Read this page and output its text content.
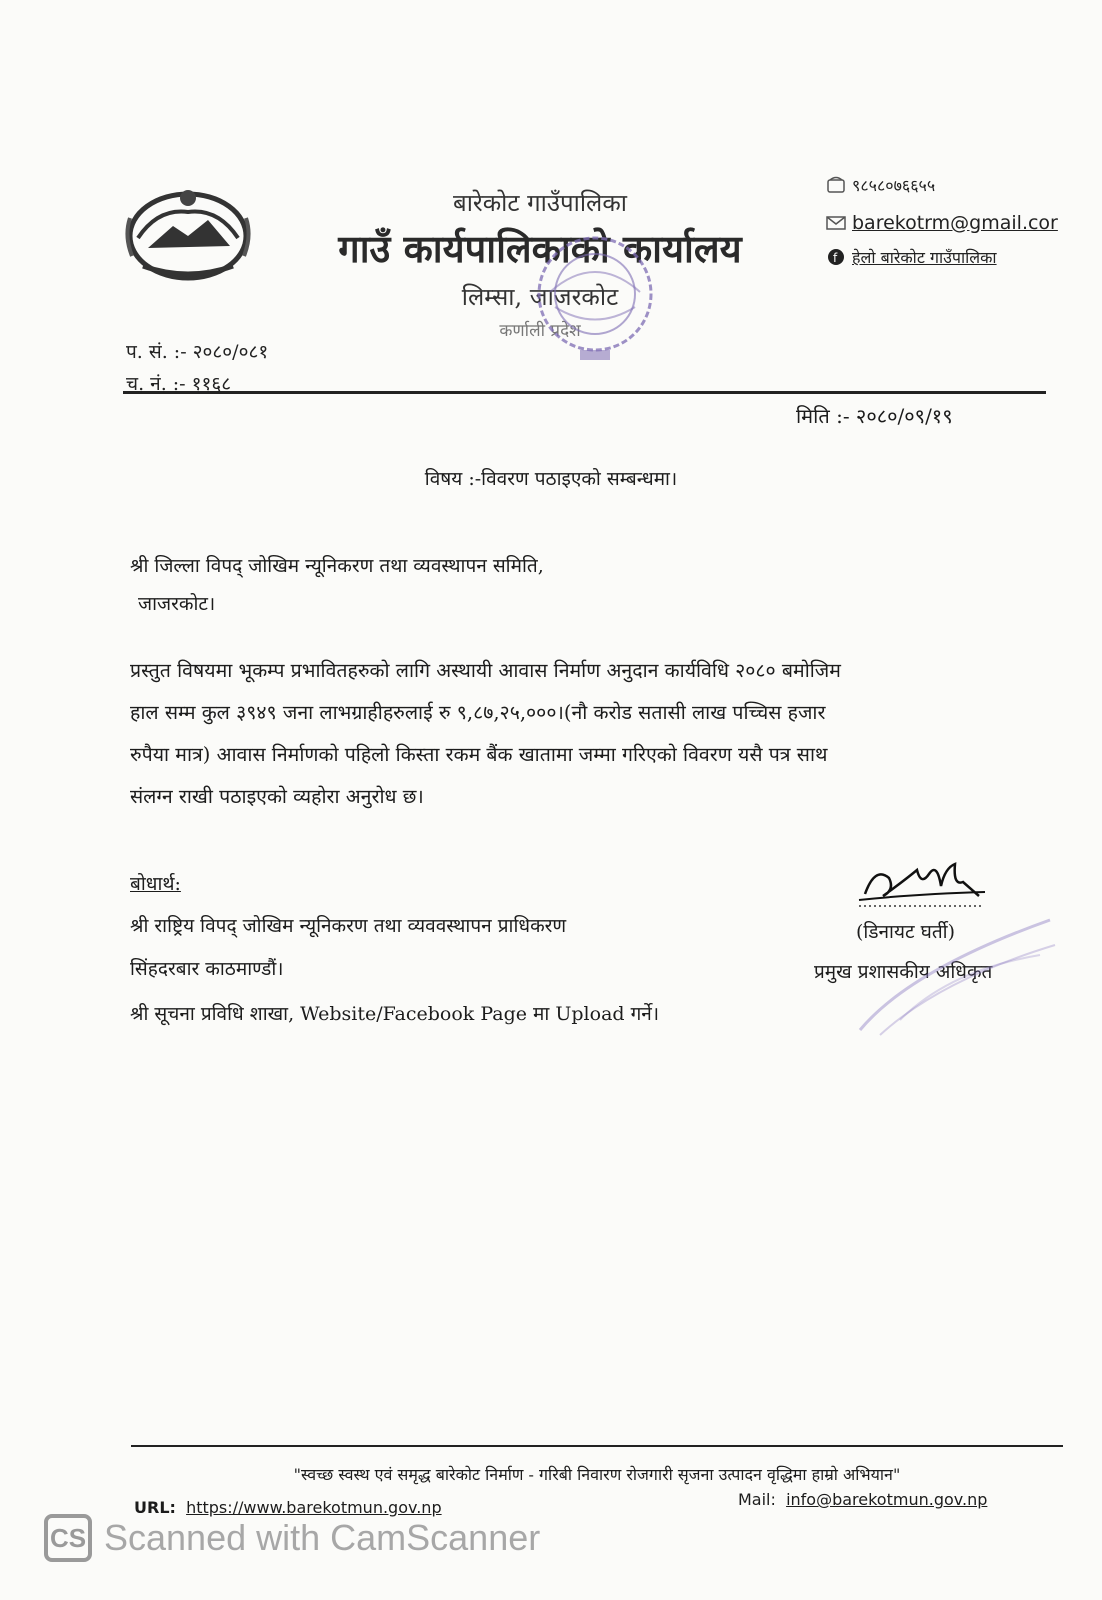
बारेकोट गाउँपालिका
गाउँ कार्यपालिकाको कार्यालय
लिम्सा, जाजरकोट
कर्णाली प्रदेश
९८५८०७६६५५
barekotrm@gmail.cor
f हेलो बारेकोट गाउँपालिका
प. सं. :- २०८०/०८१
च. नं. :- ११६८
मिति :- २०८०/०९/१९
विषय :-विवरण पठाइएको सम्बन्धमा।
श्री जिल्ला विपद् जोखिम न्यूनिकरण तथा व्यवस्थापन समिति,
जाजरकोट।
प्रस्तुत विषयमा भूकम्प प्रभावितहरुको लागि अस्थायी आवास निर्माण अनुदान कार्यविधि २०८० बमोजिम
हाल सम्म कुल ३९४९ जना लाभग्राहीहरुलाई रु ९,८७,२५,०००।(नौ करोड सतासी लाख पच्चिस हजार
रुपैया मात्र) आवास निर्माणको पहिलो किस्ता रकम बैंक खातामा जम्मा गरिएको विवरण यसै पत्र साथ
संलग्न राखी पठाइएको व्यहोरा अनुरोध छ।
बोधार्थ:
श्री राष्ट्रिय विपद् जोखिम न्यूनिकरण तथा व्यववस्थापन प्राधिकरण
सिंहदरबार काठमाण्डौं।
श्री सूचना प्रविधि शाखा, Website/Facebook Page मा Upload गर्ने।
(डिनायट घर्ती)
प्रमुख प्रशासकीय अधिकृत
"स्वच्छ स्वस्थ एवं समृद्ध बारेकोट निर्माण - गरिबी निवारण रोजगारी सृजना उत्पादन वृद्धिमा हाम्रो अभियान"
URL: https://www.barekotmun.gov.np	Mail: info@barekotmun.gov.np
CS Scanned with CamScanner
